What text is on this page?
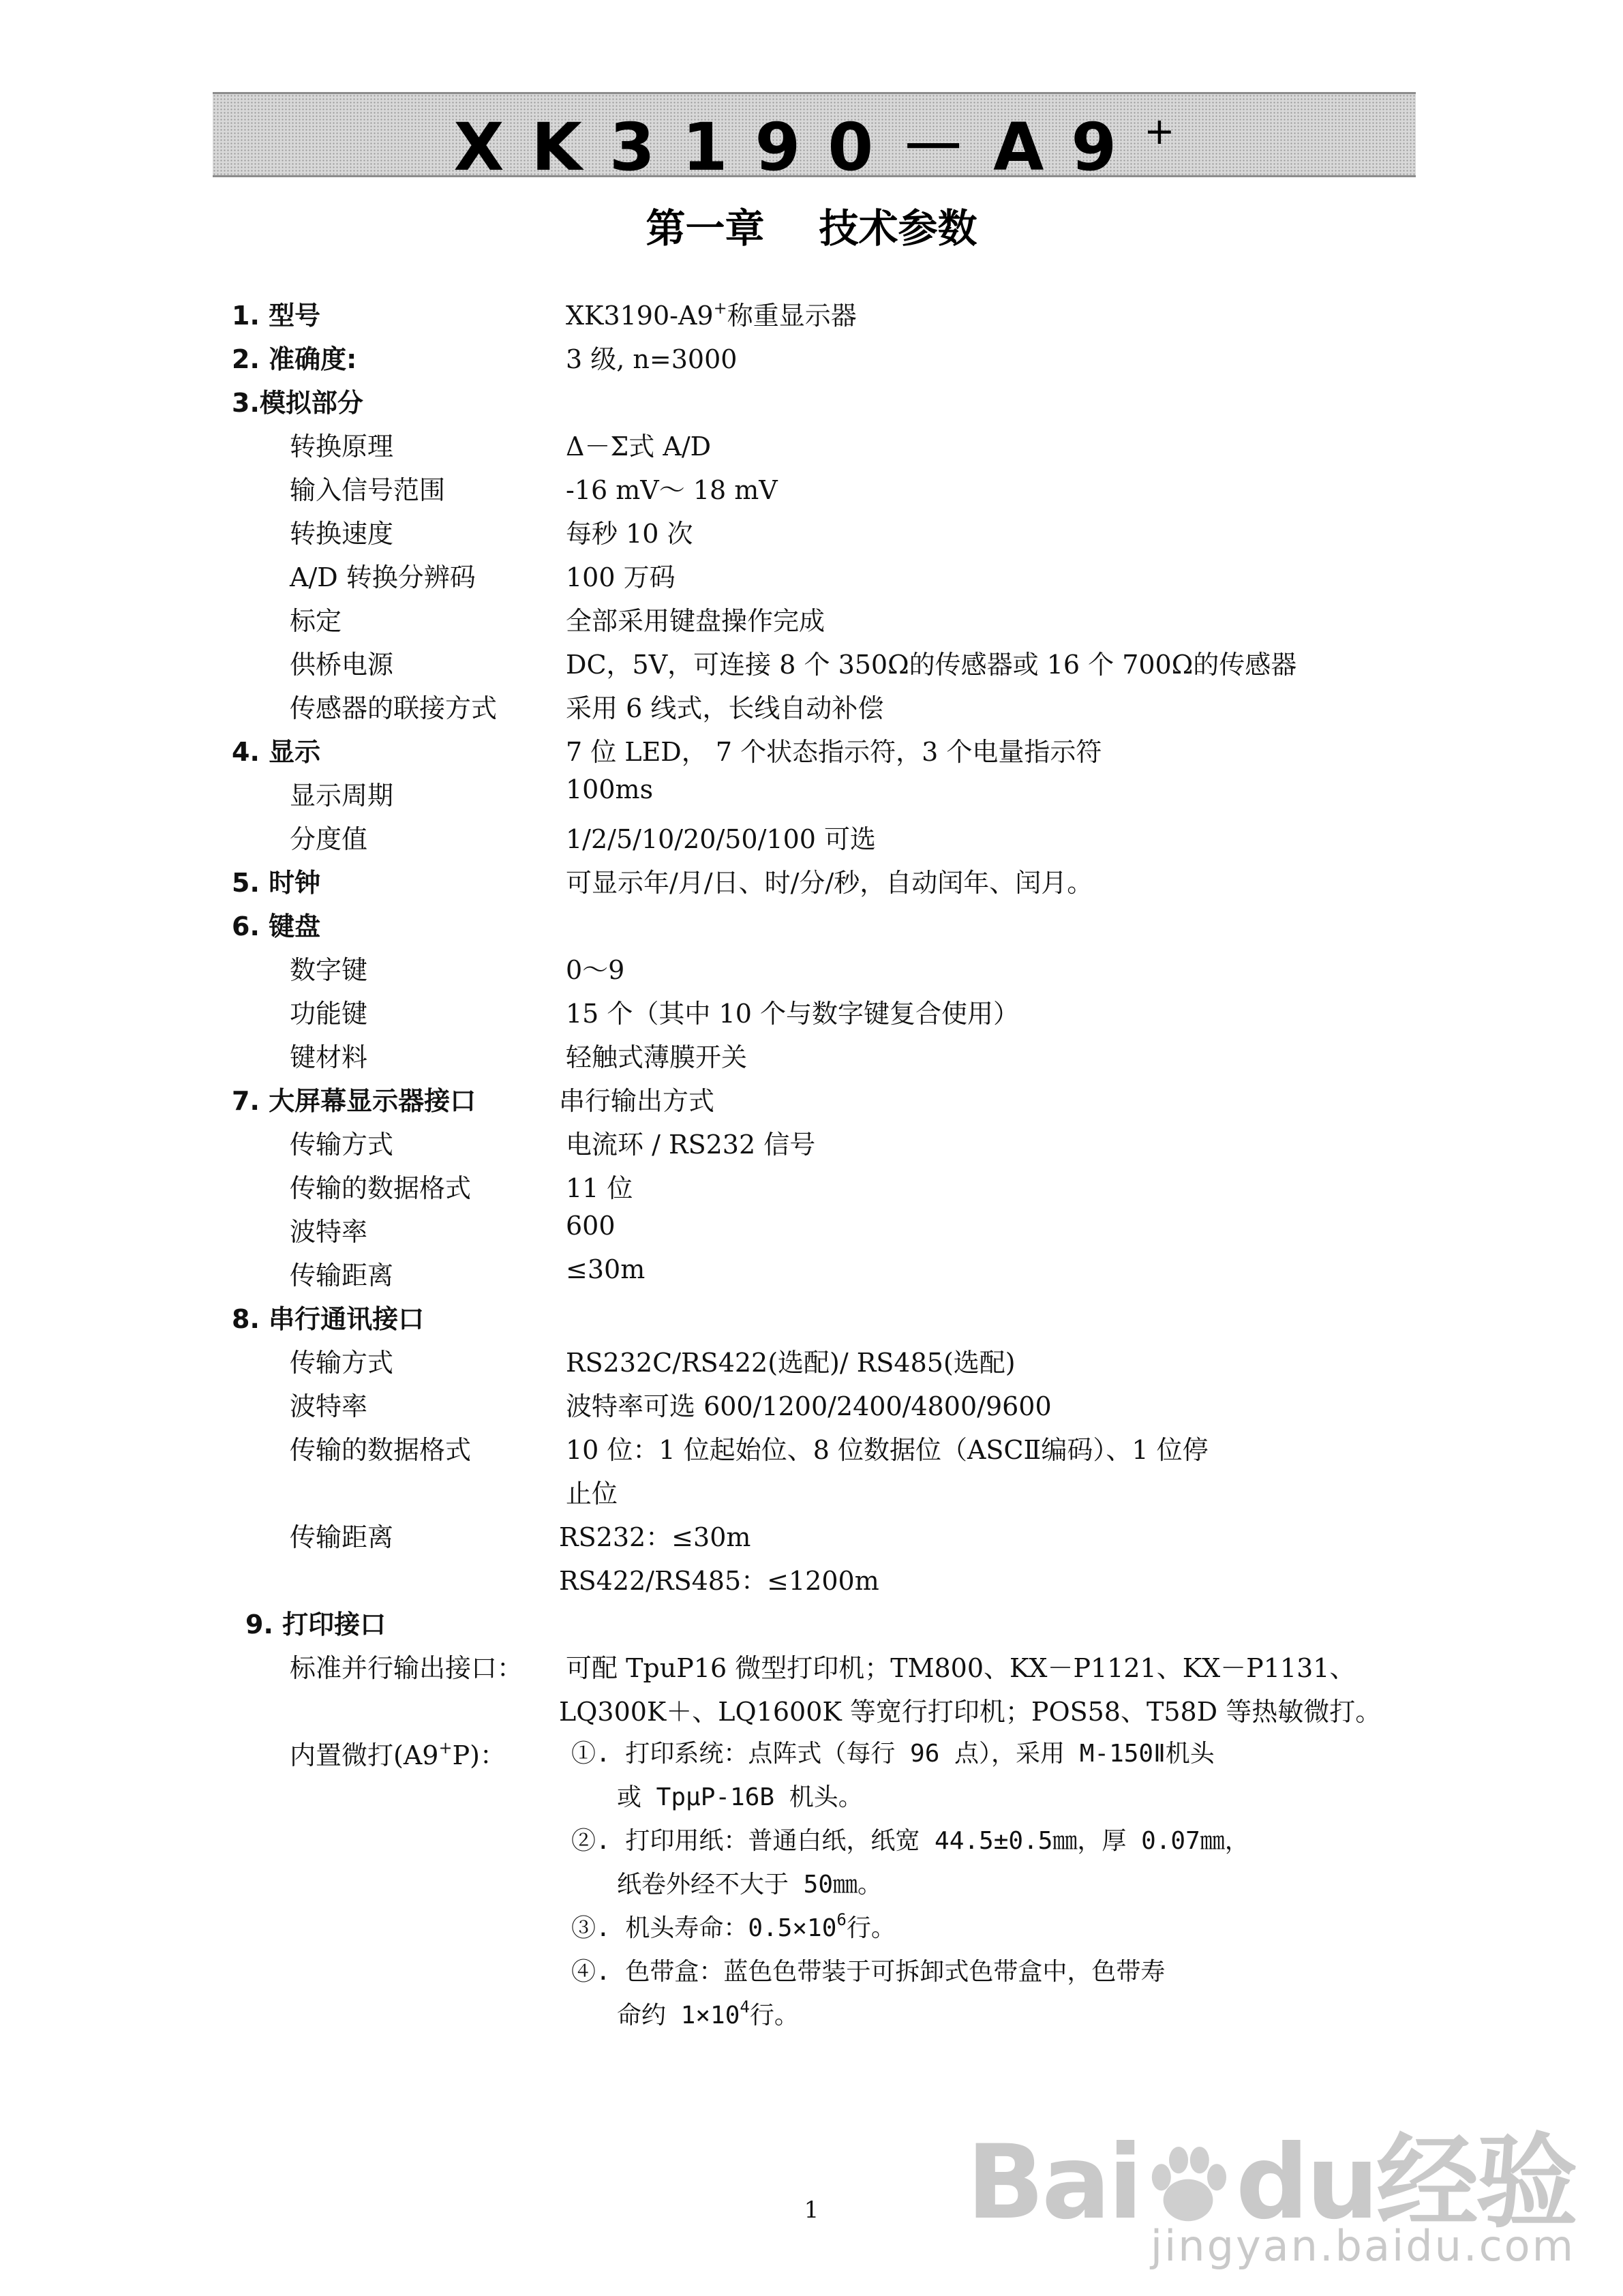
XK3190－A9+
第一章 技术参数
1. 型号	XK3190-A9+称重显示器
2. 准确度:	3 级, n=3000
3.模拟部分
转换原理	Δ－Σ式 A/D
输入信号范围	-16 mV～ 18 mV
转换速度	每秒 10 次
A/D 转换分辨码	100 万码
标定	全部采用键盘操作完成
供桥电源	DC，5V，可连接 8 个 350Ω的传感器或 16 个 700Ω的传感器
传感器的联接方式	采用 6 线式，长线自动补偿
4. 显示	7 位 LED， 7 个状态指示符，3 个电量指示符
显示周期	100ms
分度值	1/2/5/10/20/50/100 可选
5. 时钟	可显示年/月/日、时/分/秒，自动闰年、闰月。
6. 键盘
数字键	0～9
功能键	15 个（其中 10 个与数字键复合使用）
键材料	轻触式薄膜开关
7. 大屏幕显示器接口	串行输出方式
传输方式	电流环 / RS232 信号
传输的数据格式	11 位
波特率	600
传输距离	≤30m
8. 串行通讯接口
传输方式	RS232C/RS422(选配)/ RS485(选配)
波特率	波特率可选 600/1200/2400/4800/9600
传输的数据格式	10 位：1 位起始位、8 位数据位（ASCⅡ编码）、1 位停
止位
传输距离	RS232：≤30m
RS422/RS485：≤1200m
9. 打印接口
标准并行输出接口： 可配 TpuP16 微型打印机；TM800、KX－P1121、KX－P1131、
LQ300K＋、LQ1600K 等宽行打印机；POS58、T58D 等热敏微打。
内置微打(A9+P)：	①. 打印系统：点阵式（每行 96 点），采用 M-150Ⅱ机头
或 TpμP-16B 机头。
②. 打印用纸：普通白纸，纸宽 44.5±0.5㎜，厚 0.07㎜，
纸卷外经不大于 50㎜。
③. 机头寿命：$0.5\times 10^6$行。
④. 色带盒：蓝色色带装于可拆卸式色带盒中，色带寿
命约 $1\times 10^4$行。
1	Bai du经验
jingyan.baidu.com
